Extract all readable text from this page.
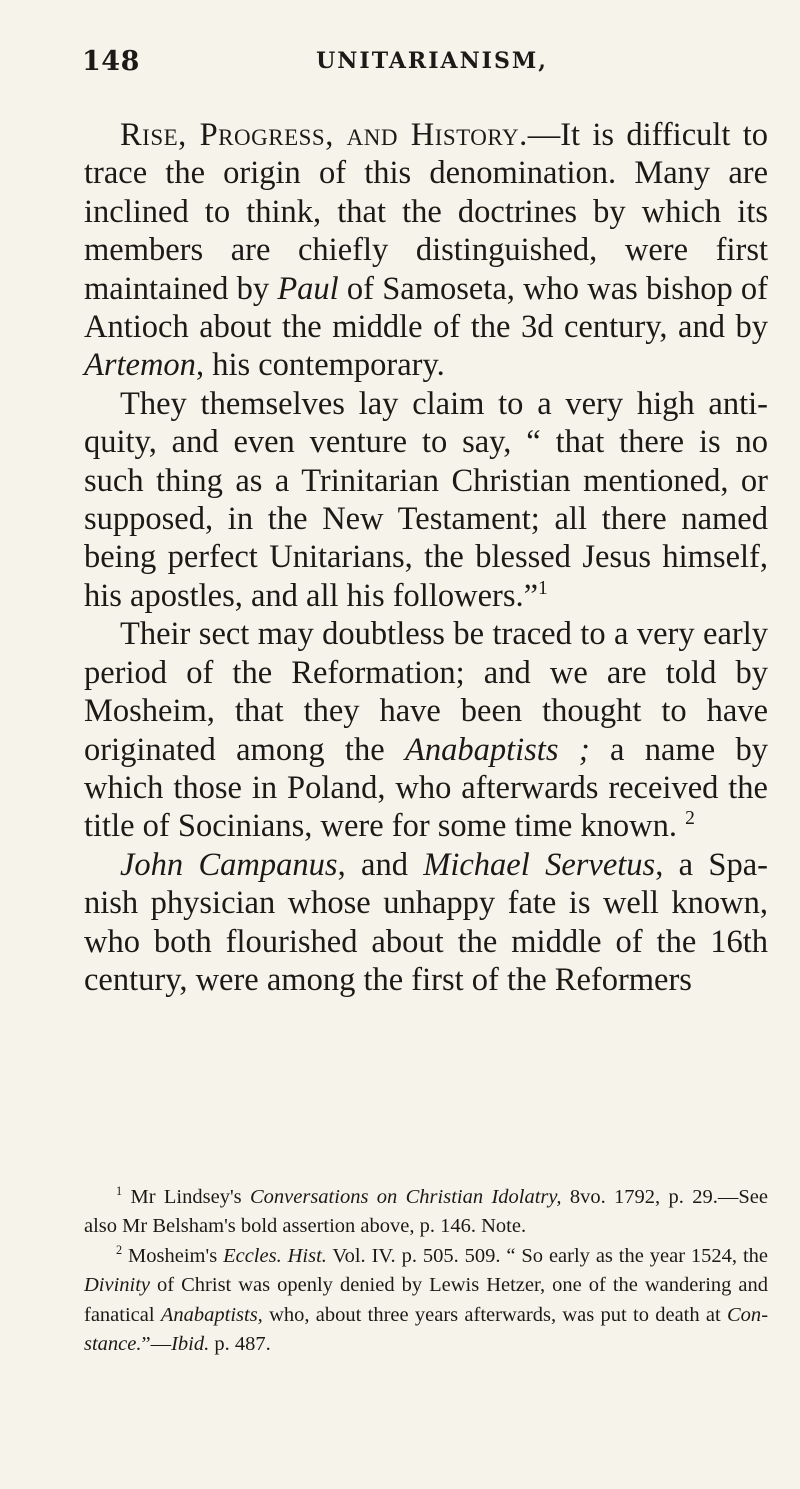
148	UNITARIANISM,

Rise, Progress, and History.—It is difficult to trace the origin of this denomination. Many are inclined to think, that the doctrines by which its members are chiefly distinguished, were first maintained by Paul of Samoseta, who was bishop of Antioch about the middle of the 3d century, and by Artemon, his contemporary.

They themselves lay claim to a very high antiquity, and even venture to say, “ that there is no such thing as a Trinitarian Christian mentioned, or supposed, in the New Testament; all there named being perfect Unitarians, the blessed Jesus himself, his apostles, and all his followers.”$^1$

Their sect may doubtless be traced to a very early period of the Reformation; and we are told by Mosheim, that they have been thought to have originated among the Anabaptists ; a name by which those in Poland, who afterwards received the title of Socinians, were for some time known. $^2$

John Campanus, and Michael Servetus, a Spanish physician whose unhappy fate is well known, who both flourished about the middle of the 16th century, were among the first of the Reformers

$^1$ Mr Lindsey's Conversations on Christian Idolatry, 8vo. 1792, p. 29.—See also Mr Belsham's bold assertion above, p. 146. Note.

$^2$ Mosheim's Eccles. Hist. Vol. IV. p. 505. 509. “ So early as the year 1524, the Divinity of Christ was openly denied by Lewis Hetzer, one of the wandering and fanatical Anabaptists, who, about three years afterwards, was put to death at Constance.”—Ibid. p. 487.
